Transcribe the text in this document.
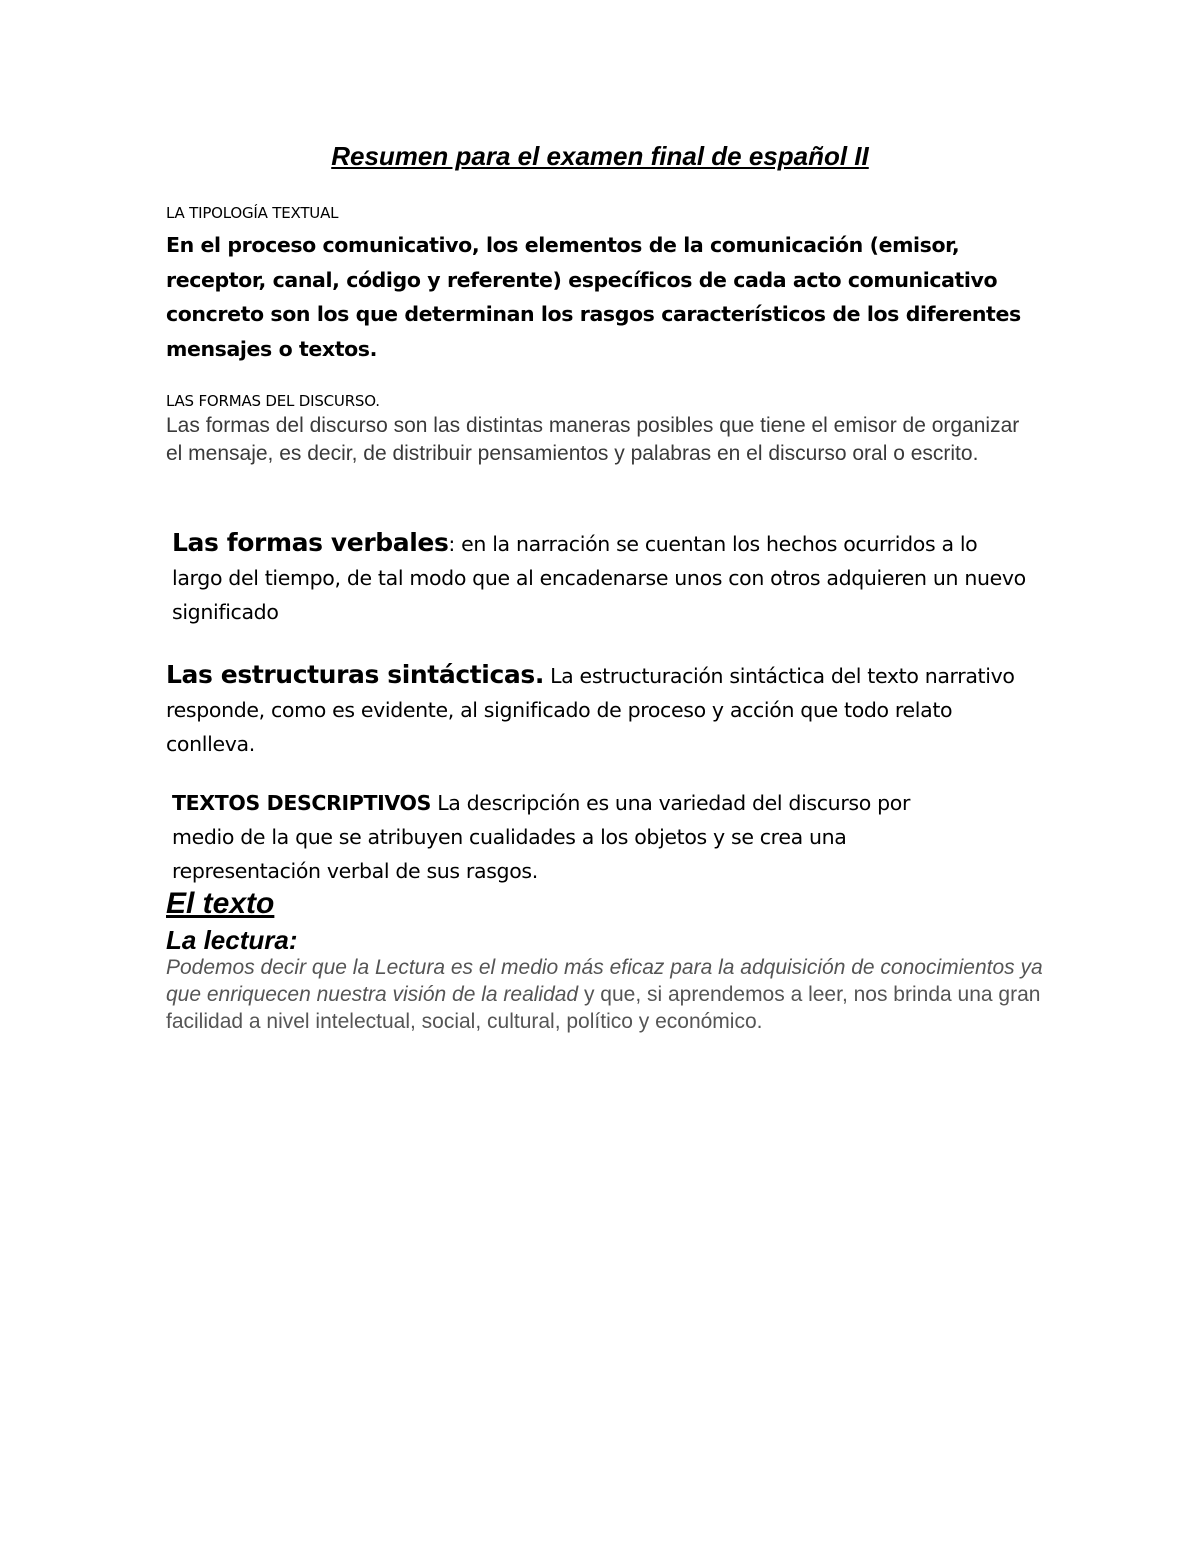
Resumen para el examen final de español II
LA TIPOLOGÍA TEXTUAL

En el proceso comunicativo, los elementos de la comunicación (emisor, receptor, canal, código y referente) específicos de cada acto comunicativo concreto son los que determinan los rasgos característicos de los diferentes mensajes o textos.

LAS FORMAS DEL DISCURSO.

Las formas del discurso son las distintas maneras posibles que tiene el emisor de organizar el mensaje, es decir, de distribuir pensamientos y palabras en el discurso oral o escrito.

Las formas verbales: en la narración se cuentan los hechos ocurridos a lo largo del tiempo, de tal modo que al encadenarse unos con otros adquieren un nuevo significado

Las estructuras sintácticas. La estructuración sintáctica del texto narrativo responde, como es evidente, al significado de proceso y acción que todo relato conlleva.

TEXTOS DESCRIPTIVOS La descripción es una variedad del discurso por medio de la que se atribuyen cualidades a los objetos y se crea una representación verbal de sus rasgos.

El texto
La lectura:

Podemos decir que la Lectura es el medio más eficaz para la adquisición de conocimientos ya que enriquecen nuestra visión de la realidad y que, si aprendemos a leer, nos brinda una gran facilidad a nivel intelectual, social, cultural, político y económico.
